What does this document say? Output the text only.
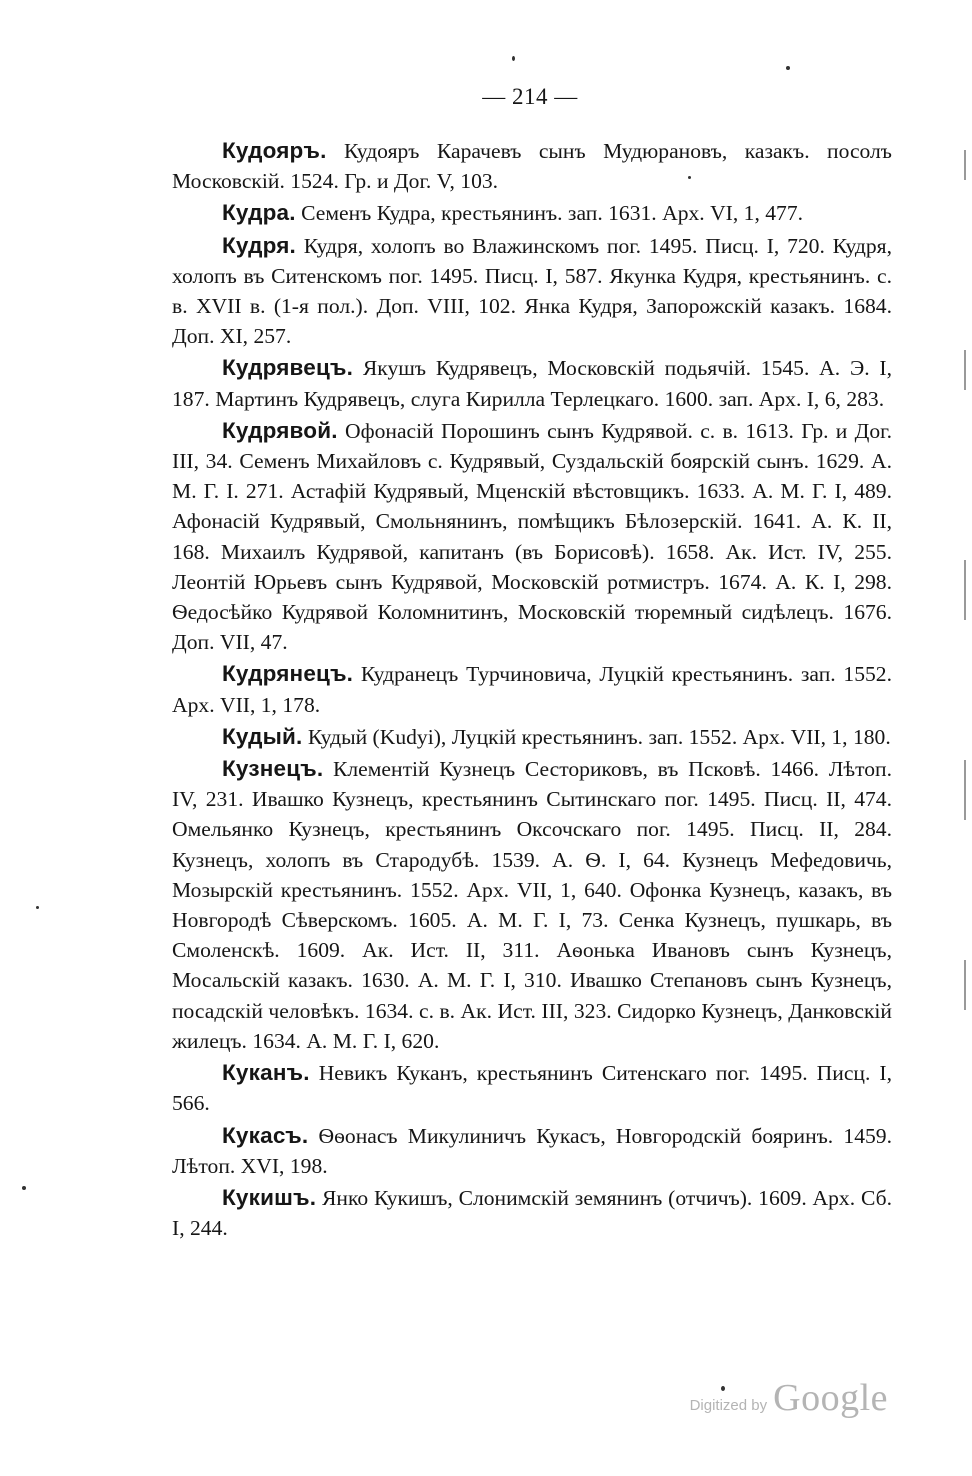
— 214 —

Кудояръ. Кудояръ Карачевъ сынъ Мудюрановъ, казакъ. посолъ Московскій. 1524. Гр. и Дог. V, 103.

Кудра. Семенъ Кудра, крестьянинъ. зап. 1631. Арх. VI, 1, 477.

Кудря. Кудря, холопъ во Влажинскомъ пог. 1495. Писц. I, 720. Кудря, холопъ въ Ситенскомъ пог. 1495. Писц. I, 587. Якунка Кудря, крестьянинъ. с. в. XVII в. (1-я пол.). Доп. VIII, 102. Янка Кудря, Запорожскій казакъ. 1684. Доп. XI, 257.

Кудрявецъ. Якушъ Кудрявецъ, Московскій подьячій. 1545. А. Э. I, 187. Мартинъ Кудрявецъ, слуга Кирилла Терлецкаго. 1600. зап. Арх. I, 6, 283.

Кудрявой. Офонасій Порошинъ сынъ Кудрявой. с. в. 1613. Гр. и Дог. III, 34. Семенъ Михайловъ с. Кудрявый, Суздальскій боярскій сынъ. 1629. А. М. Г. I. 271. Астафій Кудрявый, Мценскій вѣстовщикъ. 1633. А. М. Г. I, 489. Афонасій Кудрявый, Смольнянинъ, помѣщикъ Бѣлозерскій. 1641. А. К. II, 168. Михаилъ Кудрявой, капитанъ (въ Борисовѣ). 1658. Ак. Ист. IV, 255. Леонтій Юрьевъ сынъ Кудрявой, Московскій ротмистръ. 1674. А. К. I, 298. Ѳедосѣйко Кудрявой Коломнитинъ, Московскій тюремный сидѣлецъ. 1676. Доп. VII, 47.

Кудрянецъ. Кудранецъ Турчиновича, Луцкій крестьянинъ. зап. 1552. Арх. VII, 1, 178.

Кудый. Кудый (Kudyi), Луцкій крестьянинъ. зап. 1552. Арх. VII, 1, 180.

Кузнецъ. Клементій Кузнецъ Сесториковъ, въ Псковѣ. 1466. Лѣтоп. IV, 231. Ивашко Кузнецъ, крестьянинъ Сытинскаго пог. 1495. Писц. II, 474. Омельянко Кузнецъ, крестьянинъ Оксочскаго пог. 1495. Писц. II, 284. Кузнецъ, холопъ въ Стародубѣ. 1539. А. Ѳ. I, 64. Кузнецъ Мефедовичь, Мозырскій крестьянинъ. 1552. Арх. VII, 1, 640. Офонка Кузнецъ, казакъ, въ Новгородѣ Сѣверскомъ. 1605. А. М. Г. I, 73. Сенка Кузнецъ, пушкарь, въ Смоленскѣ. 1609. Ак. Ист. II, 311. Аѳонька Ивановъ сынъ Кузнецъ, Мосальскій казакъ. 1630. А. М. Г. I, 310. Ивашко Степановъ сынъ Кузнецъ, посадскій человѣкъ. 1634. с. в. Ак. Ист. III, 323. Сидорко Кузнецъ, Данковскій жилецъ. 1634. А. М. Г. I, 620.

Куканъ. Невикъ Куканъ, крестьянинъ Ситенскаго пог. 1495. Писц. I, 566.

Кукасъ. Ѳѳонасъ Микулиничъ Кукасъ, Новгородскій бояринъ. 1459. Лѣтоп. XVI, 198.

Кукишъ. Янко Кукишъ, Слонимскій земянинъ (отчичъ). 1609. Арх. Сб. I, 244.

Digitized by Google
